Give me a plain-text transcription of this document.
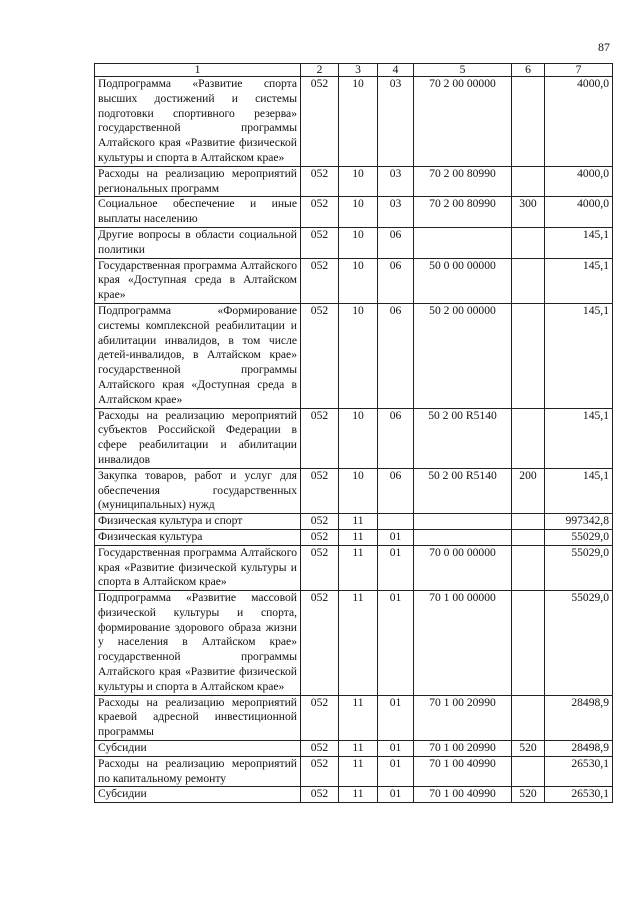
87
1	2	3	4	5	6	7
Подпрограмма «Развитие спорта высших достижений и системы подготовки спортивного резерва» государственной программы Алтайского края «Развитие физической культуры и спорта в Алтайском крае»	052	10	03	70 2 00 00000		4000,0
Расходы на реализацию мероприятий региональных программ	052	10	03	70 2 00 80990		4000,0
Социальное обеспечение и иные выплаты населению	052	10	03	70 2 00 80990	300	4000,0
Другие вопросы в области социальной политики	052	10	06			145,1
Государственная программа Алтайского края «Доступная среда в Алтайском крае»	052	10	06	50 0 00 00000		145,1
Подпрограмма «Формирование системы комплексной реабилитации и абилитации инвалидов, в том числе детей-инвалидов, в Алтайском крае» государственной программы Алтайского края «Доступная среда в Алтайском крае»	052	10	06	50 2 00 00000		145,1
Расходы на реализацию мероприятий субъектов Российской Федерации в сфере реабилитации и абилитации инвалидов	052	10	06	50 2 00 R5140		145,1
Закупка товаров, работ и услуг для обеспечения государственных (муниципальных) нужд	052	10	06	50 2 00 R5140	200	145,1
Физическая культура и спорт	052	11				997342,8
Физическая культура	052	11	01			55029,0
Государственная программа Алтайского края «Развитие физической культуры и спорта в Алтайском крае»	052	11	01	70 0 00 00000		55029,0
Подпрограмма «Развитие массовой физической культуры и спорта, формирование здорового образа жизни у населения в Алтайском крае» государственной программы Алтайского края «Развитие физической культуры и спорта в Алтайском крае»	052	11	01	70 1 00 00000		55029,0
Расходы на реализацию мероприятий краевой адресной инвестиционной программы	052	11	01	70 1 00 20990		28498,9
Субсидии	052	11	01	70 1 00 20990	520	28498,9
Расходы на реализацию мероприятий по капитальному ремонту	052	11	01	70 1 00 40990		26530,1
Субсидии	052	11	01	70 1 00 40990	520	26530,1
